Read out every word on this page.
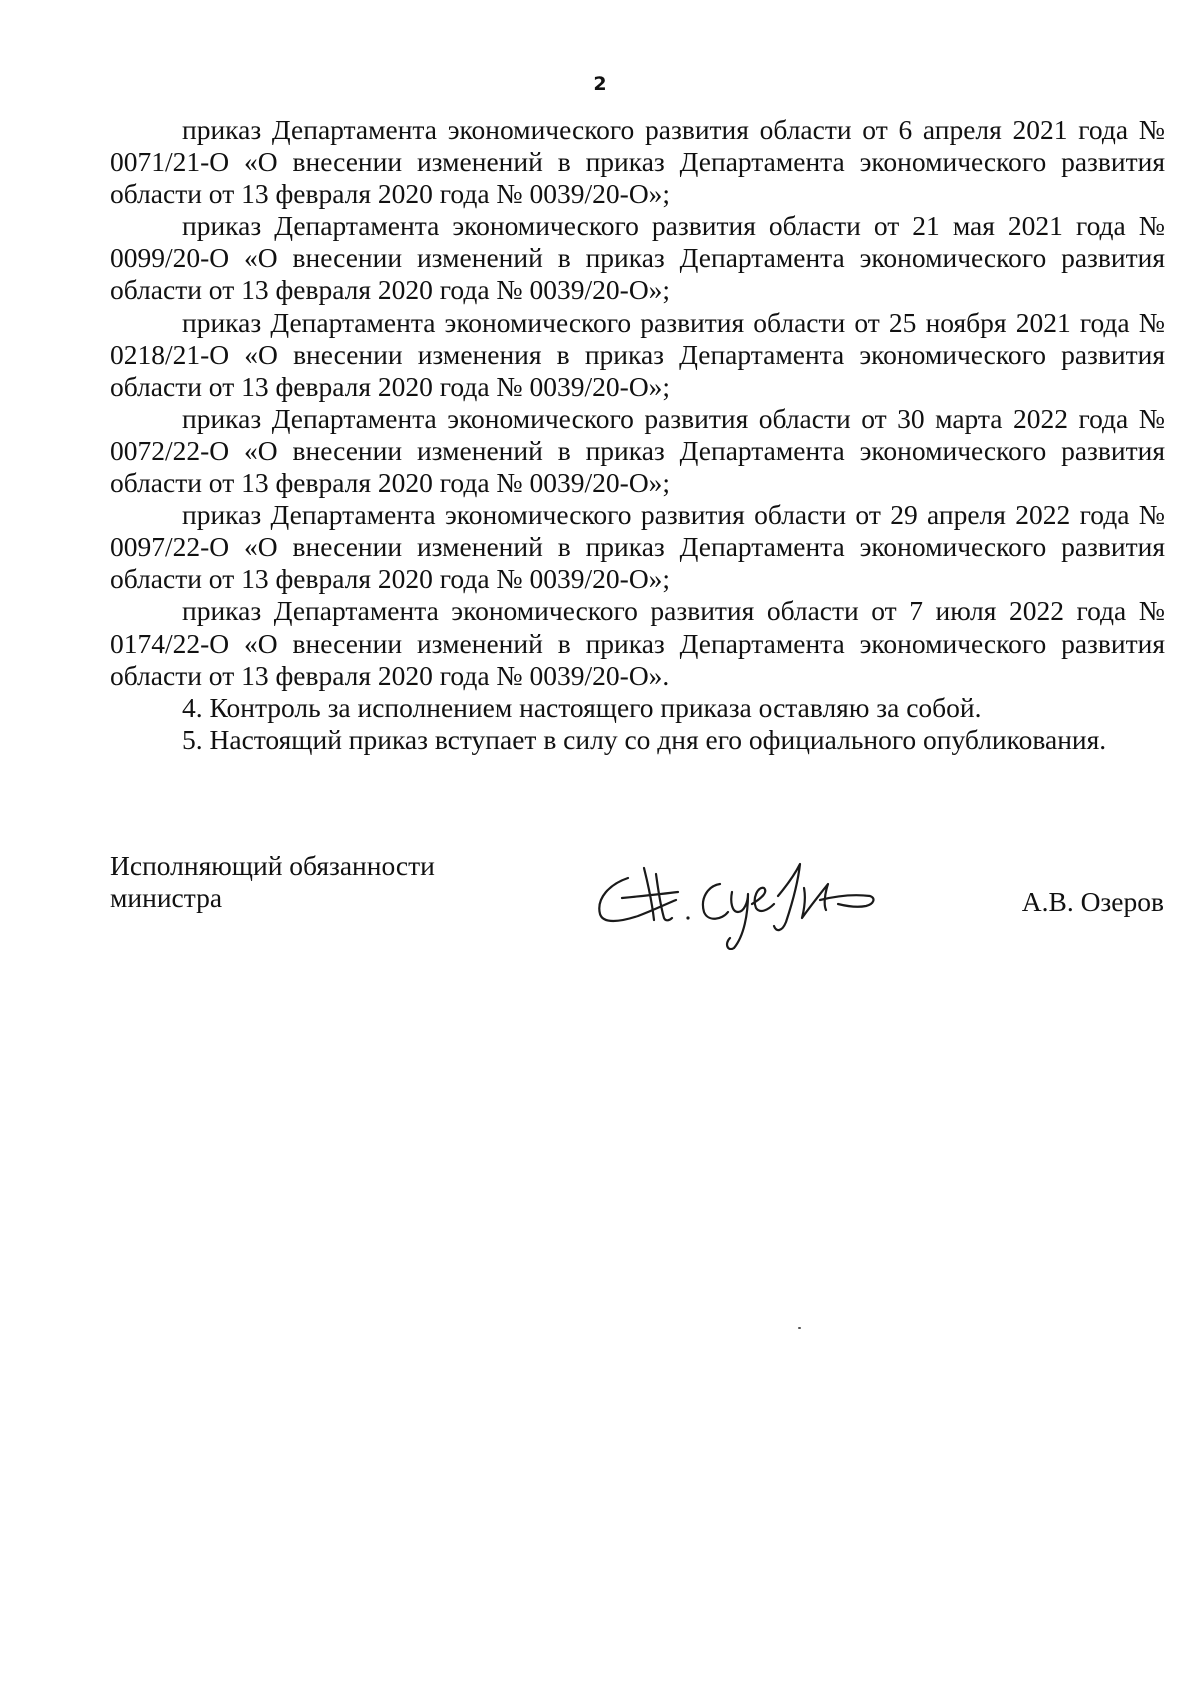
2

приказ Департамента экономического развития области от 6 апреля 2021 года № 0071/21-О «О внесении изменений в приказ Департамента экономического развития области от 13 февраля 2020 года № 0039/20-О»;

приказ Департамента экономического развития области от 21 мая 2021 года № 0099/20-О «О внесении изменений в приказ Департамента экономического развития области от 13 февраля 2020 года № 0039/20-О»;

приказ Департамента экономического развития области от 25 ноября 2021 года № 0218/21-О «О внесении изменения в приказ Департамента экономического развития области от 13 февраля 2020 года № 0039/20-О»;

приказ Департамента экономического развития области от 30 марта 2022 года № 0072/22-О «О внесении изменений в приказ Департамента экономического развития области от 13 февраля 2020 года № 0039/20-О»;

приказ Департамента экономического развития области от 29 апреля 2022 года № 0097/22-О «О внесении изменений в приказ Департамента экономического развития области от 13 февраля 2020 года № 0039/20-О»;

приказ Департамента экономического развития области от 7 июля 2022 года № 0174/22-О «О внесении изменений в приказ Департамента экономического развития области от 13 февраля 2020 года № 0039/20-О».

4. Контроль за исполнением настоящего приказа оставляю за собой.

5. Настоящий приказ вступает в силу со дня его официального опубликования.

Исполняющий обязанности
министра	А.В. Озеров
